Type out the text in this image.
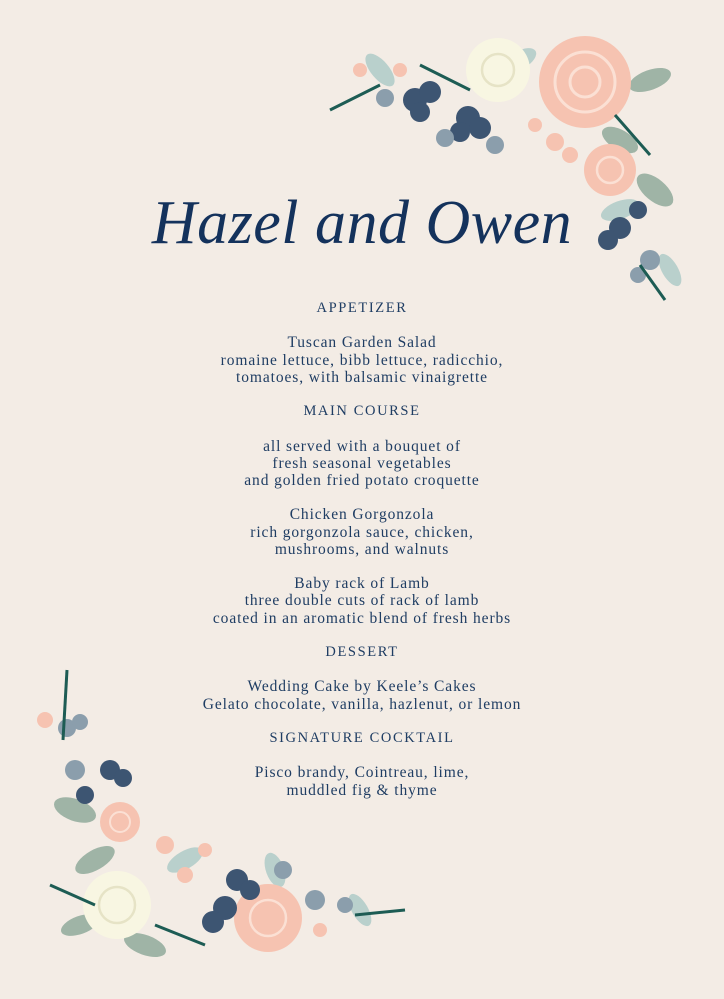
Hazel and Owen
APPETIZER
Tuscan Garden Salad
romaine lettuce, bibb lettuce, radicchio,
tomatoes, with balsamic vinaigrette
MAIN COURSE
all served with a bouquet of
fresh seasonal vegetables
and golden fried potato croquette
Chicken Gorgonzola
rich gorgonzola sauce, chicken,
mushrooms, and walnuts
Baby rack of Lamb
three double cuts of rack of lamb
coated in an aromatic blend of fresh herbs
DESSERT
Wedding Cake by Keele’s Cakes
Gelato chocolate, vanilla, hazlenut, or lemon
SIGNATURE COCKTAIL
Pisco brandy, Cointreau, lime,
muddled fig & thyme
